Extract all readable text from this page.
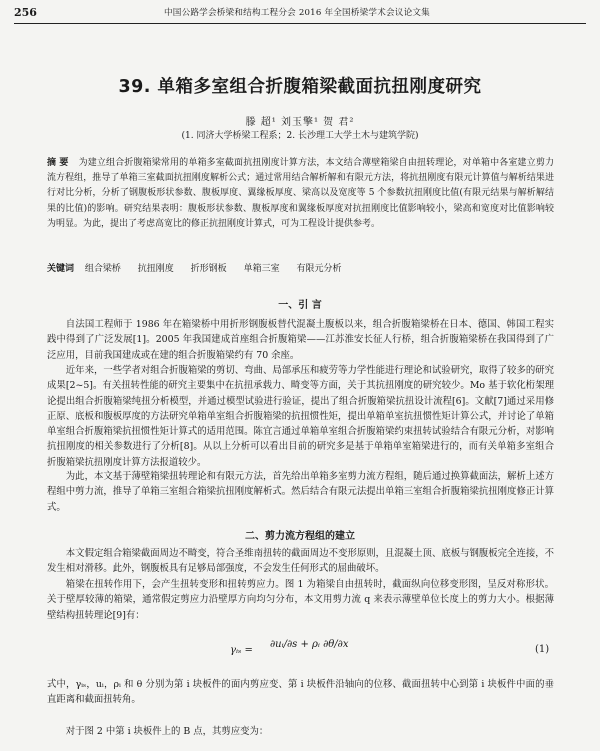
256	中国公路学会桥梁和结构工程分会 2016 年全国桥梁学术会议论文集
39. 单箱多室组合折腹箱梁截面抗扭刚度研究
滕 超¹ 刘玉擎¹ 贺 君²
(1. 同济大学桥梁工程系；2. 长沙理工大学土木与建筑学院)
摘 要 为建立组合折腹箱梁常用的单箱多室截面抗扭刚度计算方法，本文结合薄壁箱梁自由扭转理论，对单箱中各室建立剪力流方程组，推导了单箱三室截面抗扭刚度解析公式；通过常用结合解析解和有限元方法，将抗扭刚度有限元计算值与解析结果进行对比分析，分析了钢腹板形状参数、腹板厚度、翼缘板厚度、梁高以及宽度等 5 个参数抗扭刚度比值(有限元结果与解析解结果的比值)的影响。研究结果表明：腹板形状参数、腹板厚度和翼缘板厚度对抗扭刚度比值影响较小，梁高和宽度对比值影响较为明显。为此，提出了考虑高宽比的修正抗扭刚度计算式，可为工程设计提供参考。
关键词 组合梁桥 抗扭刚度 折形钢板 单箱三室 有限元分析
一、引 言
自法国工程师于 1986 年在箱梁桥中用折形钢腹板替代混凝土腹板以来，组合折腹箱梁桥在日本、德国、韩国工程实践中得到了广泛发展[1]。2005 年我国建成首座组合折腹箱梁——江苏淮安长征人行桥，组合折腹箱梁桥在我国得到了广泛应用，目前我国建成或在建的组合折腹箱梁约有 70 余座。
近年来，一些学者对组合折腹箱梁的剪切、弯曲、局部承压和疲劳等力学性能进行理论和试验研究，取得了较多的研究成果[2~5]。有关扭转性能的研究主要集中在抗扭承载力、畸变等方面，关于其抗扭刚度的研究较少。Mo 基于软化桁架理论提出组合折腹箱梁纯扭分析模型，并通过模型试验进行验证，提出了组合折腹箱梁抗扭设计流程[6]。文献[7]通过采用修正原、底板和腹板厚度的方法研究单箱单室组合折腹箱梁的抗扭惯性矩，提出单箱单室抗扭惯性矩计算公式，并讨论了单箱单室组合折腹箱梁抗扭惯性矩计算式的适用范围。陈宜言通过单箱单室组合折腹箱梁约束扭转试验结合有限元分析，对影响抗扭刚度的相关参数进行了分析[8]。从以上分析可以看出目前的研究多是基于单箱单室箱梁进行的，而有关单箱多室组合折腹箱梁抗扭刚度计算方法报道较少。
为此，本文基于薄壁箱梁扭转理论和有限元方法，首先给出单箱多室剪力流方程组，随后通过换算截面法，解析上述方程组中剪力流，推导了单箱三室组合箱梁抗扭刚度解析式。然后结合有限元法提出单箱三室组合折腹箱梁抗扭刚度修正计算式。
二、剪力流方程组的建立
本文假定组合箱梁截面周边不畸变，符合圣维南扭转的截面周边不变形原则，且混凝土顶、底板与钢腹板完全连接，不发生相对滑移。此外，钢腹板具有足够局部强度，不会发生任何形式的屈曲破坏。
箱梁在扭转作用下，会产生扭转变形和扭转剪应力。图 1 为箱梁自由扭转时，截面纵向位移变形图，呈反对称形状。关于壁厚较薄的箱梁，通常假定剪应力沿壁厚方向均匀分布，本文用剪力流 q 来表示薄壁单位长度上的剪力大小。根据薄壁结构扭转理论[9]有：
γᵢₛ =
∂uᵢ/∂s + ρᵢ ∂θ/∂x	(1)
式中，γᵢₛ，uᵢ，ρᵢ 和 θ 分别为第 i 块板件的面内剪应变、第 i 块板件沿轴向的位移、截面扭转中心到第 i 块板件中面的垂直距离和截面扭转角。
对于图 2 中第 i 块板件上的 B 点，其剪应变为：
